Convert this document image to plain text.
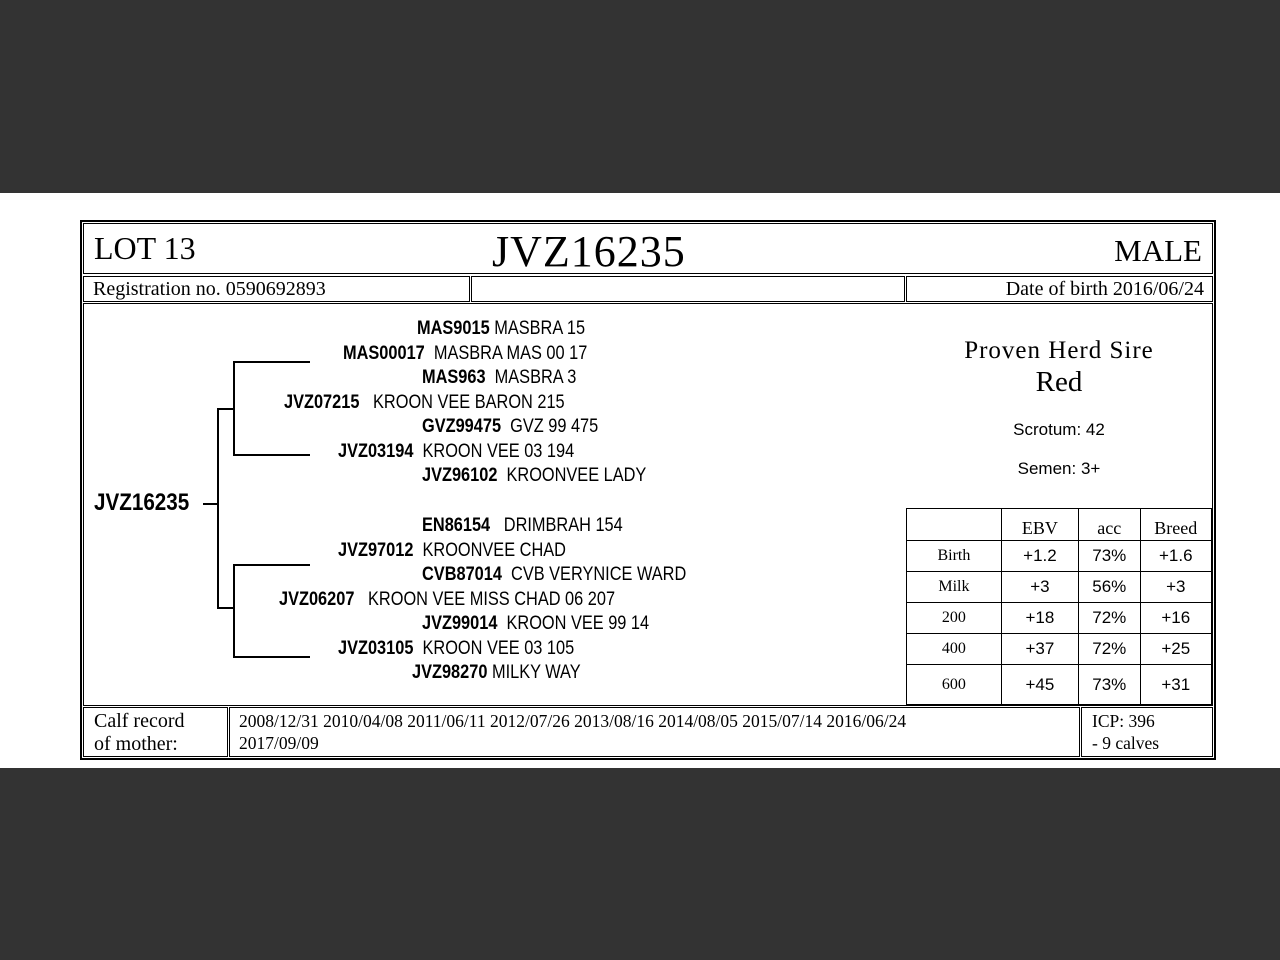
LOT 13	JVZ16235	MALE
Registration no. 0590692893	Date of birth 2016/06/24
JVZ16235
MAS9015 MASBRA 15
MAS00017 MASBRA MAS 00 17
MAS963 MASBRA 3
JVZ07215 KROON VEE BARON 215
GVZ99475 GVZ 99 475
JVZ03194 KROON VEE 03 194
JVZ96102 KROONVEE LADY
EN86154 DRIMBRAH 154
JVZ97012 KROONVEE CHAD
CVB87014 CVB VERYNICE WARD
JVZ06207 KROON VEE MISS CHAD 06 207
JVZ99014 KROON VEE 99 14
JVZ03105 KROON VEE 03 105
JVZ98270 MILKY WAY
Proven Herd Sire
Red
Scrotum: 42
Semen: 3+
	EBV	acc	Breed
Birth	+1.2	73%	+1.6
Milk	+3	56%	+3
200	+18	72%	+16
400	+37	72%	+25
600	+45	73%	+31
Calf record
of mother:
2008/12/31 2010/04/08 2011/06/11 2012/07/26 2013/08/16 2014/08/05 2015/07/14 2016/06/24
2017/09/09
ICP: 396
- 9 calves
